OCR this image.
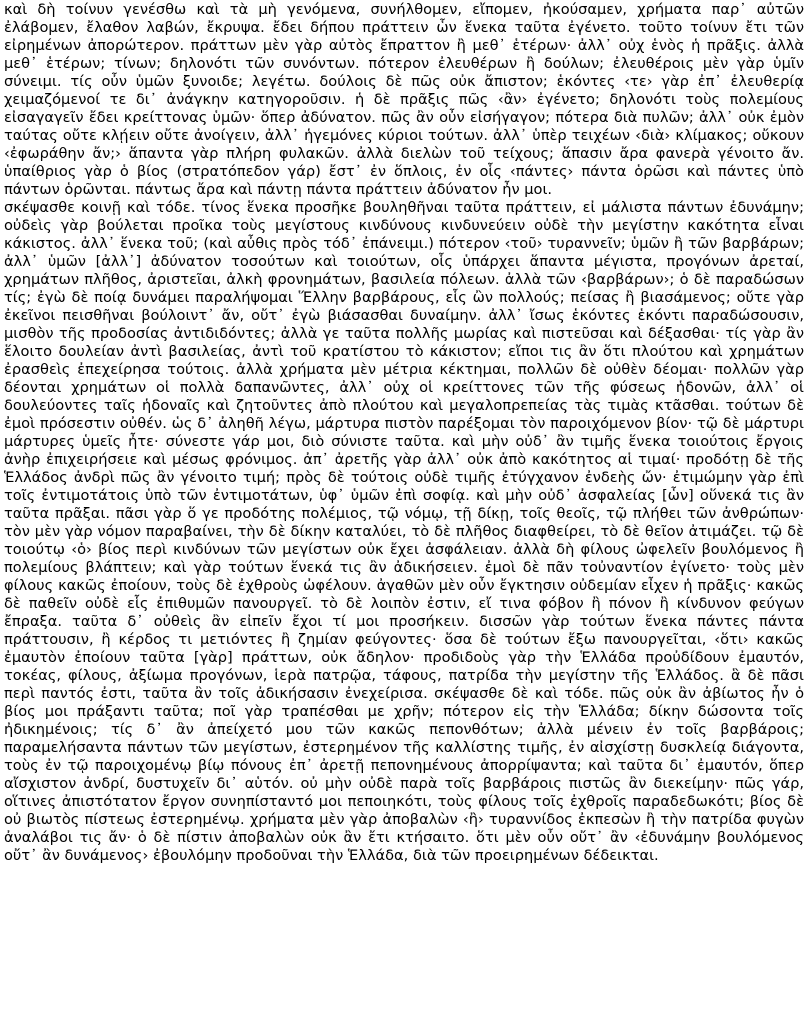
καὶ δὴ τοίνυν γενέσθω καὶ τὰ μὴ γενόμενα, συνήλθομεν, εἴπομεν, ἠκούσαμεν, χρήματα παρ᾿ αὐτῶν ἐλάβομεν, ἔλαθον λαβών, ἔκρυψα. ἔδει δήπου πράττειν ὧν ἕνεκα ταῦτα ἐγένετο. τοῦτο τοίνυν ἔτι τῶν εἰρημένων ἀπορώτερον. πράττων μὲν γὰρ αὐτὸς ἔπραττον ἢ μεθ᾿ ἑτέρων· ἀλλ᾿ οὐχ ἑνὸς ἡ πρᾶξις. ἀλλὰ μεθ᾿ ἑτέρων; τίνων; δηλονότι τῶν συνόντων. πότερον ἐλευθέρων ἢ δούλων; ἐλευθέροις μὲν γὰρ ὑμῖν σύνειμι. τίς οὖν ὑμῶν ξυνοιδε; λεγέτω. δούλοις δὲ πῶς οὐκ ἄπιστον; ἑκόντες ‹τε› γὰρ ἐπ᾿ ἐλευθερίᾳ χειμαζόμενοί τε δι᾿ ἀνάγκην κατηγοροῦσιν. ἡ δὲ πρᾶξις πῶς ‹ἂν› ἐγένετο; δηλονότι τοὺς πολεμίους εἰσαγαγεῖν ἔδει κρείττονας ὑμῶν· ὅπερ ἀδύνατον. πῶς ἂν οὖν εἰσήγαγον; πότερα διὰ πυλῶν; ἀλλ᾿ οὐκ ἐμὸν ταύτας οὔτε κλῄειν οὔτε ἀνοίγειν, ἀλλ᾿ ἡγεμόνες κύριοι τούτων. ἀλλ᾿ ὑπὲρ τειχέων ‹διὰ› κλίμακος; οὔκουν ‹ἐφωράθην ἄν;› ἅπαντα γὰρ πλήρη φυλακῶν. ἀλλὰ διελὼν τοῦ τείχους; ἅπασιν ἄρα φανερὰ γένοιτο ἄν. ὑπαίθριος γὰρ ὁ βίος (στρατόπεδον γάρ) ἔστ᾿ ἐν ὅπλοις, ἐν οἷς ‹πάντες› πάντα ὁρῶσι καὶ πάντες ὑπὸ πάντων ὁρῶνται. πάντως ἄρα καὶ πάντῃ πάντα πράττειν ἀδύνατον ἦν μοι.

σκέψασθε κοινῇ καὶ τόδε. τίνος ἕνεκα προσῆκε βουληθῆναι ταῦτα πράττειν, εἰ μάλιστα πάντων ἐδυνάμην; οὐδεὶς γὰρ βούλεται προῖκα τοὺς μεγίστους κινδύνους κινδυνεύειν οὐδὲ τὴν μεγίστην κακότητα εἶναι κάκιστος. ἀλλ᾿ ἕνεκα τοῦ; (καὶ αὖθις πρὸς τόδ᾿ ἐπάνειμι.) πότερον ‹τοῦ› τυραννεῖν; ὑμῶν ἢ τῶν βαρβάρων; ἀλλ᾿ ὑμῶν [ἀλλ᾿] ἀδύνατον τοσούτων καὶ τοιούτων, οἷς ὑπάρχει ἅπαντα μέγιστα, προγόνων ἀρεταί, χρημάτων πλῆθος, ἀριστεῖαι, ἀλκὴ φρονημάτων, βασιλεία πόλεων. ἀλλὰ τῶν ‹βαρβάρων›; ὁ δὲ παραδώσων τίς; ἐγὼ δὲ ποίᾳ δυνάμει παραλήψομαι Ἕλλην βαρβάρους, εἷς ὢν πολλούς; πείσας ἢ βιασάμενος; οὔτε γὰρ ἐκεῖνοι πεισθῆναι βούλοιντ᾿ ἄν, οὔτ᾿ ἐγὼ βιάσασθαι δυναίμην. ἀλλ᾿ ἴσως ἑκόντες ἑκόντι παραδώσουσιν, μισθὸν τῆς προδοσίας ἀντιδιδόντες; ἀλλὰ γε ταῦτα πολλῆς μωρίας καὶ πιστεῦσαι καὶ δέξασθαι· τίς γὰρ ἂν ἕλοιτο δουλείαν ἀντὶ βασιλείας, ἀντὶ τοῦ κρατίστου τὸ κάκιστον; εἴποι τις ἂν ὅτι πλούτου καὶ χρημάτων ἐρασθεὶς ἐπεχείρησα τούτοις. ἀλλὰ χρήματα μὲν μέτρια κέκτημαι, πολλῶν δὲ οὐθὲν δέομαι· πολλῶν γὰρ δέονται χρημάτων οἱ πολλὰ δαπανῶντες, ἀλλ᾿ οὐχ οἱ κρείττονες τῶν τῆς φύσεως ἡδονῶν, ἀλλ᾿ οἱ δουλεύοντες ταῖς ἡδοναῖς καὶ ζητοῦντες ἀπὸ πλούτου καὶ μεγαλοπρεπείας τὰς τιμὰς κτᾶσθαι. τούτων δὲ ἐμοὶ πρόσεστιν οὐθέν. ὡς δ᾿ ἀληθῆ λέγω, μάρτυρα πιστὸν παρέξομαι τὸν παροιχόμενον βίον· τῷ δὲ μάρτυρι μάρτυρες ὑμεῖς ἦτε· σύνεστε γάρ μοι, διὸ σύνιστε ταῦτα. καὶ μὴν οὐδ᾿ ἂν τιμῆς ἕνεκα τοιούτοις ἔργοις ἀνὴρ ἐπιχειρήσειε καὶ μέσως φρόνιμος. ἀπ᾿ ἀρετῆς γὰρ ἀλλ᾿ οὐκ ἀπὸ κακότητος αἱ τιμαί· προδότῃ δὲ τῆς Ἑλλάδος ἀνδρὶ πῶς ἂν γένοιτο τιμή; πρὸς δὲ τούτοις οὐδὲ τιμῆς ἐτύγχανον ἐνδεὴς ὤν· ἐτιμώμην γὰρ ἐπὶ τοῖς ἐντιμοτάτοις ὑπὸ τῶν ἐντιμοτάτων, ὑφ᾿ ὑμῶν ἐπὶ σοφίᾳ. καὶ μὴν οὐδ᾿ ἀσφαλείας [ὧν] οὕνεκά τις ἂν ταῦτα πρᾶξαι. πᾶσι γὰρ ὅ γε προδότης πολέμιος, τῷ νόμῳ, τῇ δίκῃ, τοῖς θεοῖς, τῷ πλήθει τῶν ἀνθρώπων· τὸν μὲν γὰρ νόμον παραβαίνει, τὴν δὲ δίκην καταλύει, τὸ δὲ πλῆθος διαφθείρει, τὸ δὲ θεῖον ἀτιμάζει. τῷ δὲ τοιούτῳ ‹ὁ› βίος περὶ κινδύνων τῶν μεγίστων οὐκ ἔχει ἀσφάλειαν. ἀλλὰ δὴ φίλους ὠφελεῖν βουλόμενος ἢ πολεμίους βλάπτειν; καὶ γὰρ τούτων ἕνεκά τις ἂν ἀδικήσειεν. ἐμοὶ δὲ πᾶν τοὐναντίον ἐγίνετο· τοὺς μὲν φίλους κακῶς ἐποίουν, τοὺς δὲ ἐχθροὺς ὠφέλουν. ἀγαθῶν μὲν οὖν ἔγκτησιν οὐδεμίαν εἶχεν ἡ πρᾶξις· κακῶς δὲ παθεῖν οὐδὲ εἷς ἐπιθυμῶν πανουργεῖ. τὸ δὲ λοιπὸν ἐστιν, εἴ τινα φόβον ἢ πόνον ἢ κίνδυνον φεύγων ἔπραξα. ταῦτα δ᾿ οὐθεὶς ἂν εἰπεῖν ἔχοι τί μοι προσήκειν. δισσῶν γὰρ τούτων ἕνεκα πάντες πάντα πράττουσιν, ἢ κέρδος τι μετιόντες ἢ ζημίαν φεύγοντες· ὅσα δὲ τούτων ἔξω πανουργεῖται, ‹ὅτι› κακῶς ἐμαυτὸν ἐποίουν ταῦτα [γὰρ] πράττων, οὐκ ἄδηλον· προδιδοὺς γὰρ τὴν Ἑλλάδα προὐδίδουν ἐμαυτόν, τοκέας, φίλους, ἀξίωμα προγόνων, ἱερὰ πατρῷα, τάφους, πατρίδα τὴν μεγίστην τῆς Ἑλλάδος. ἃ δὲ πᾶσι περὶ παντός ἐστι, ταῦτα ἂν τοῖς ἀδικήσασιν ἐνεχείρισα. σκέψασθε δὲ καὶ τόδε. πῶς οὐκ ἂν ἀβίωτος ἦν ὁ βίος μοι πράξαντι ταῦτα; ποῖ γὰρ τραπέσθαι με χρῆν; πότερον εἰς τὴν Ἑλλάδα; δίκην δώσοντα τοῖς ἠδικημένοις; τίς δ᾿ ἂν ἀπείχετό μου τῶν κακῶς πεπονθότων; ἀλλὰ μένειν ἐν τοῖς βαρβάροις; παραμελήσαντα πάντων τῶν μεγίστων, ἐστερημένον τῆς καλλίστης τιμῆς, ἐν αἰσχίστῃ δυσκλείᾳ διάγοντα, τοὺς ἐν τῷ παροιχομένῳ βίῳ πόνους ἐπ᾿ ἀρετῇ πεπονημένους ἀπορρίψαντα; καὶ ταῦτα δι᾿ ἐμαυτόν, ὅπερ αἴσχιστον ἀνδρί, δυστυχεῖν δι᾿ αὑτόν. οὐ μὴν οὐδὲ παρὰ τοῖς βαρβάροις πιστῶς ἂν διεκείμην· πῶς γάρ, οἵτινες ἀπιστότατον ἔργον συνηπίσταντό μοι πεποιηκότι, τοὺς φίλους τοῖς ἐχθροῖς παραδεδωκότι; βίος δὲ οὐ βιωτὸς πίστεως ἐστερημένῳ. χρήματα μὲν γὰρ ἀποβαλὼν ‹ἢ› τυραννίδος ἐκπεσὼν ἢ τὴν πατρίδα φυγὼν ἀναλάβοι τις ἄν· ὁ δὲ πίστιν ἀποβαλὼν οὐκ ἂν ἔτι κτήσαιτο. ὅτι μὲν οὖν οὔτ᾿ ἂν ‹ἐδυνάμην βουλόμενος οὔτ᾿ ἂν δυνάμενος› ἐβουλόμην προδοῦναι τὴν Ἑλλάδα, διὰ τῶν προειρημένων δέδεικται.
